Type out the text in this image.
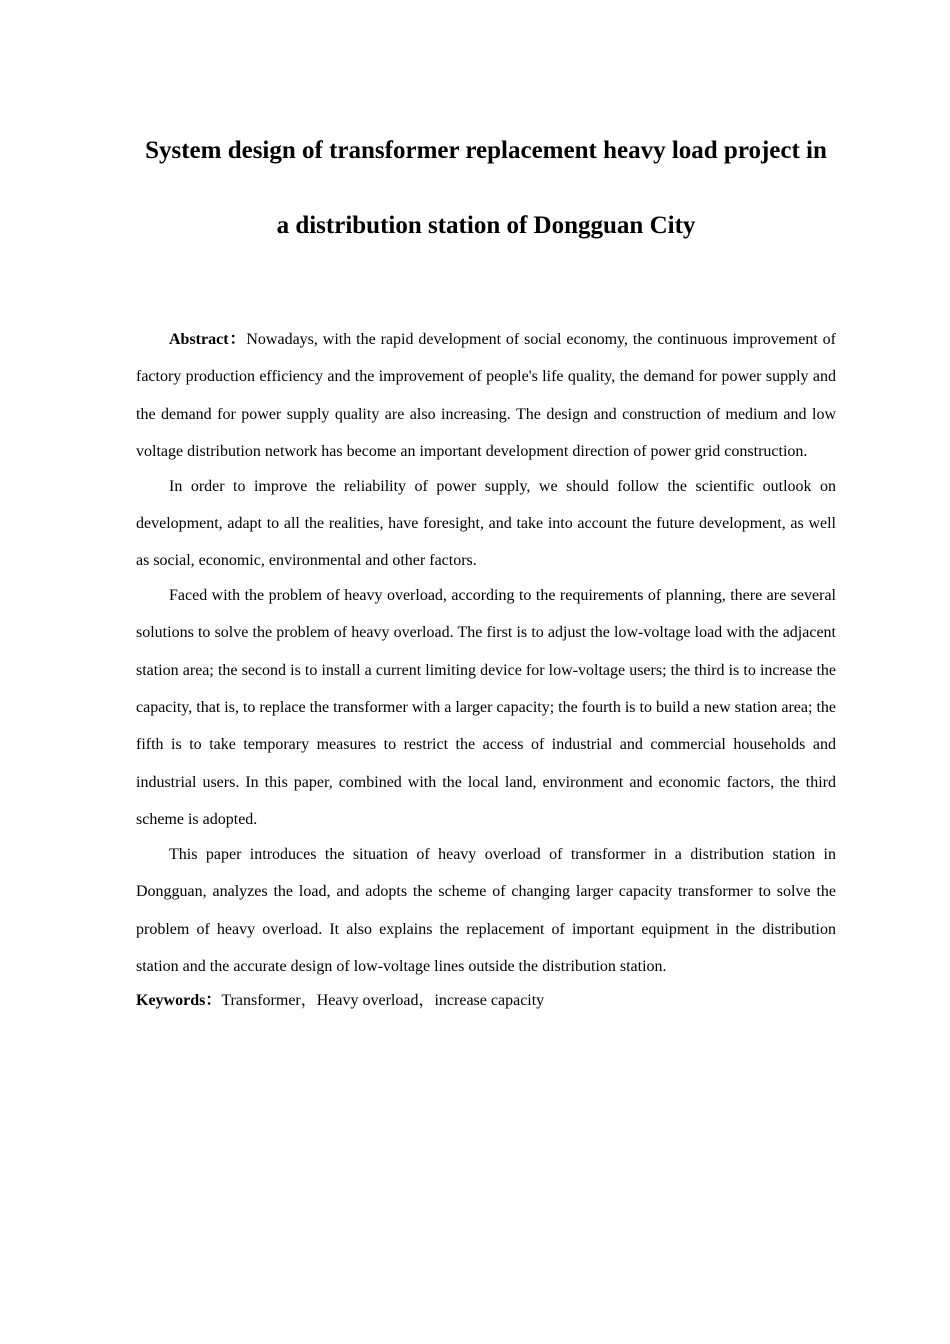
System design of transformer replacement heavy load project in
a distribution station of Dongguan City

Abstract：Nowadays, with the rapid development of social economy, the continuous improvement of factory production efficiency and the improvement of people's life quality, the demand for power supply and the demand for power supply quality are also increasing. The design and construction of medium and low voltage distribution network has become an important development direction of power grid construction.

In order to improve the reliability of power supply, we should follow the scientific outlook on development, adapt to all the realities, have foresight, and take into account the future development, as well as social, economic, environmental and other factors.

Faced with the problem of heavy overload, according to the requirements of planning, there are several solutions to solve the problem of heavy overload. The first is to adjust the low-voltage load with the adjacent station area; the second is to install a current limiting device for low-voltage users; the third is to increase the capacity, that is, to replace the transformer with a larger capacity; the fourth is to build a new station area; the fifth is to take temporary measures to restrict the access of industrial and commercial households and industrial users. In this paper, combined with the local land, environment and economic factors, the third scheme is adopted.

This paper introduces the situation of heavy overload of transformer in a distribution station in Dongguan, analyzes the load, and adopts the scheme of changing larger capacity transformer to solve the problem of heavy overload. It also explains the replacement of important equipment in the distribution station and the accurate design of low-voltage lines outside the distribution station.

Keywords：Transformer，Heavy overload，increase capacity
